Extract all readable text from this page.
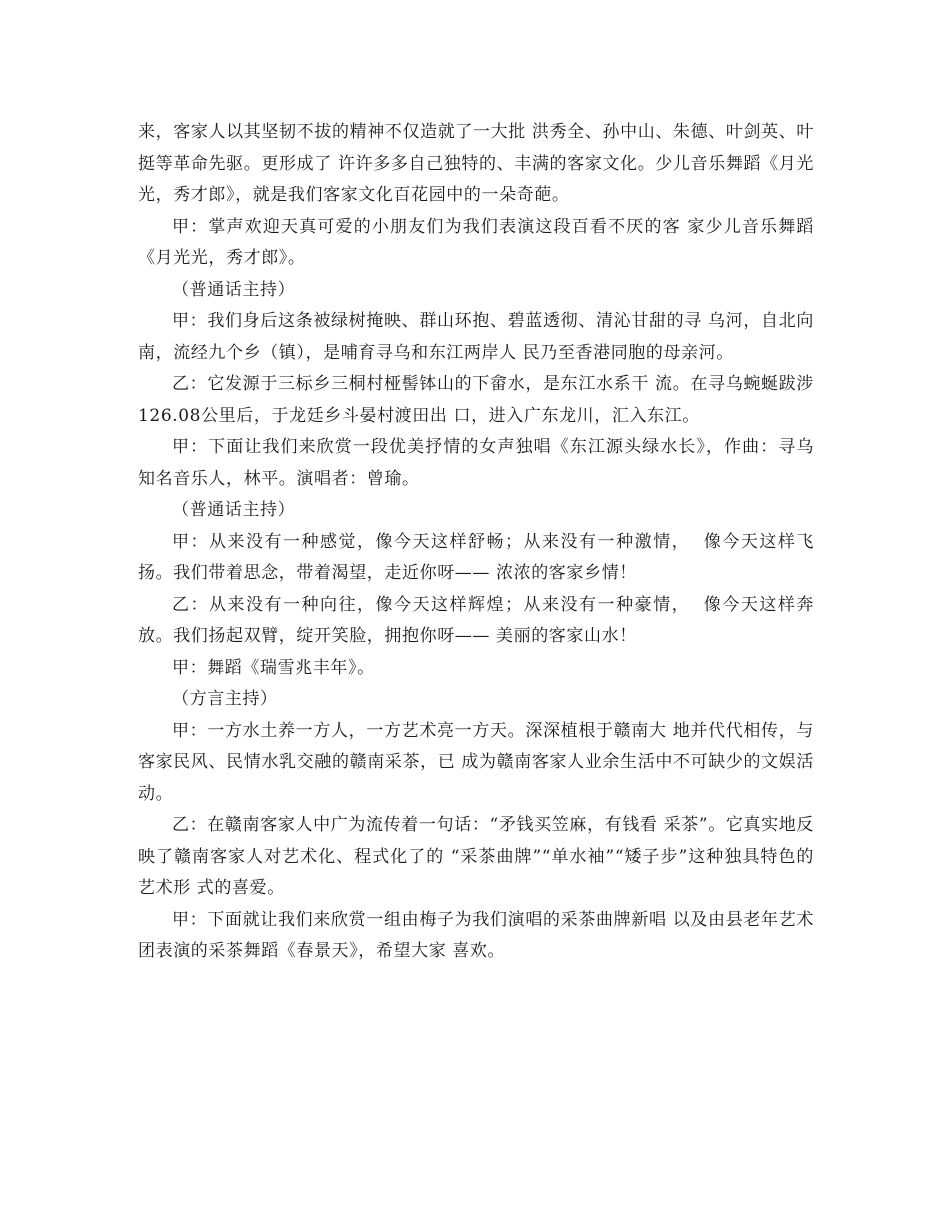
来，客家人以其坚韧不拔的精神不仅造就了一大批 洪秀全、孙中山、朱德、叶剑英、叶挺等革命先驱。更形成了 许许多多自己独特的、丰满的客家文化。少儿音乐舞蹈《月光 光，秀才郎》，就是我们客家文化百花园中的一朵奇葩。

甲：掌声欢迎天真可爱的小朋友们为我们表演这段百看不厌的客 家少儿音乐舞蹈《月光光，秀才郎》。

（普通话主持）

甲：我们身后这条被绿树掩映、群山环抱、碧蓝透彻、清沁甘甜的寻 乌河，自北向南，流经九个乡（镇），是哺育寻乌和东江两岸人 民乃至香港同胞的母亲河。

乙：它发源于三标乡三桐村桠髻钵山的下畲水，是东江水系干 流。在寻乌蜿蜒跋涉126.08公里后，于龙廷乡斗晏村渡田出 口，进入广东龙川，汇入东江。

甲：下面让我们来欣赏一段优美抒情的女声独唱《东江源头绿水长》，作曲：寻乌知名音乐人，林平。演唱者：曾瑜。

（普通话主持）

甲：从来没有一种感觉，像今天这样舒畅；从来没有一种激情，  像今天这样飞扬。我们带着思念，带着渴望，走近你呀—— 浓浓的客家乡情！

乙：从来没有一种向往，像今天这样辉煌；从来没有一种豪情，  像今天这样奔放。我们扬起双臂，绽开笑脸，拥抱你呀—— 美丽的客家山水！

甲：舞蹈《瑞雪兆丰年》。

（方言主持）

甲：一方水土养一方人，一方艺术亮一方天。深深植根于赣南大 地并代代相传，与客家民风、民情水乳交融的赣南采茶，已 成为赣南客家人业余生活中不可缺少的文娱活动。

乙：在赣南客家人中广为流传着一句话：“矛钱买笠麻，有钱看 采茶”。它真实地反映了赣南客家人对艺术化、程式化了的 “采茶曲牌”“单水袖”“矮子步”这种独具特色的艺术形 式的喜爱。

甲：下面就让我们来欣赏一组由梅子为我们演唱的采茶曲牌新唱 以及由县老年艺术团表演的采茶舞蹈《春景天》，希望大家 喜欢。
